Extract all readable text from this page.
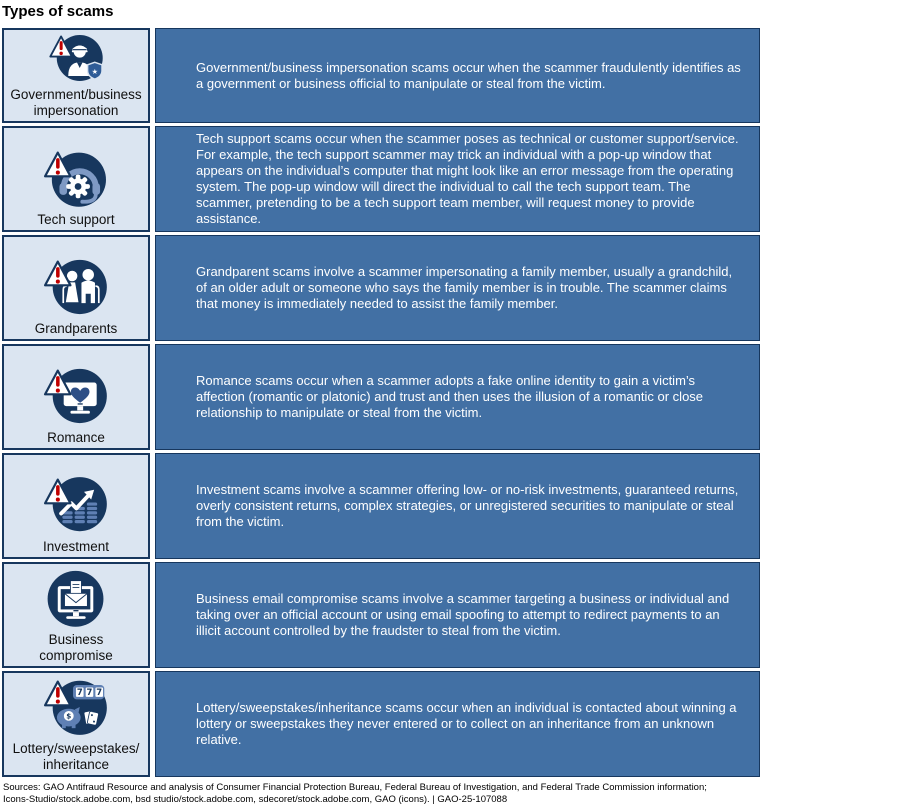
Types of scams
★
Government/business
impersonation

Government/business impersonation scams occur when the scammer fraudulently identifies as a government or business official to manipulate or steal from the victim.

Tech support

Tech support scams occur when the scammer poses as technical or customer support/service. For example, the tech support scammer may trick an individual with a pop-up window that appears on the individual’s computer that might look like an error message from the operating system. The pop-up window will direct the individual to call the tech support team. The scammer, pretending to be a tech support team member, will request money to provide assistance.

Grandparents

Grandparent scams involve a scammer impersonating a family member, usually a grandchild, of an older adult or someone who says the family member is in trouble. The scammer claims that money is immediately needed to assist the family member.

Romance

Romance scams occur when a scammer adopts a fake online identity to gain a victim’s affection (romantic or platonic) and trust and then uses the illusion of a romantic or close relationship to manipulate or steal from the victim.

Investment

Investment scams involve a scammer offering low- or no-risk investments, guaranteed returns, overly consistent returns, complex strategies, or unregistered securities to manipulate or steal from the victim.

Business
compromise

Business email compromise scams involve a scammer targeting a business or individual and taking over an official account or using email spoofing to attempt to redirect payments to an illicit account controlled by the fraudster to steal from the victim.

7 7 7
$
Lottery/sweepstakes/
inheritance

Lottery/sweepstakes/inheritance scams occur when an individual is contacted about winning a lottery or sweepstakes they never entered or to collect on an inheritance from an unknown relative.

Sources: GAO Antifraud Resource and analysis of Consumer Financial Protection Bureau, Federal Bureau of Investigation, and Federal Trade Commission information;
Icons-Studio/stock.adobe.com, bsd studio/stock.adobe.com, sdecoret/stock.adobe.com, GAO (icons). | GAO-25-107088
